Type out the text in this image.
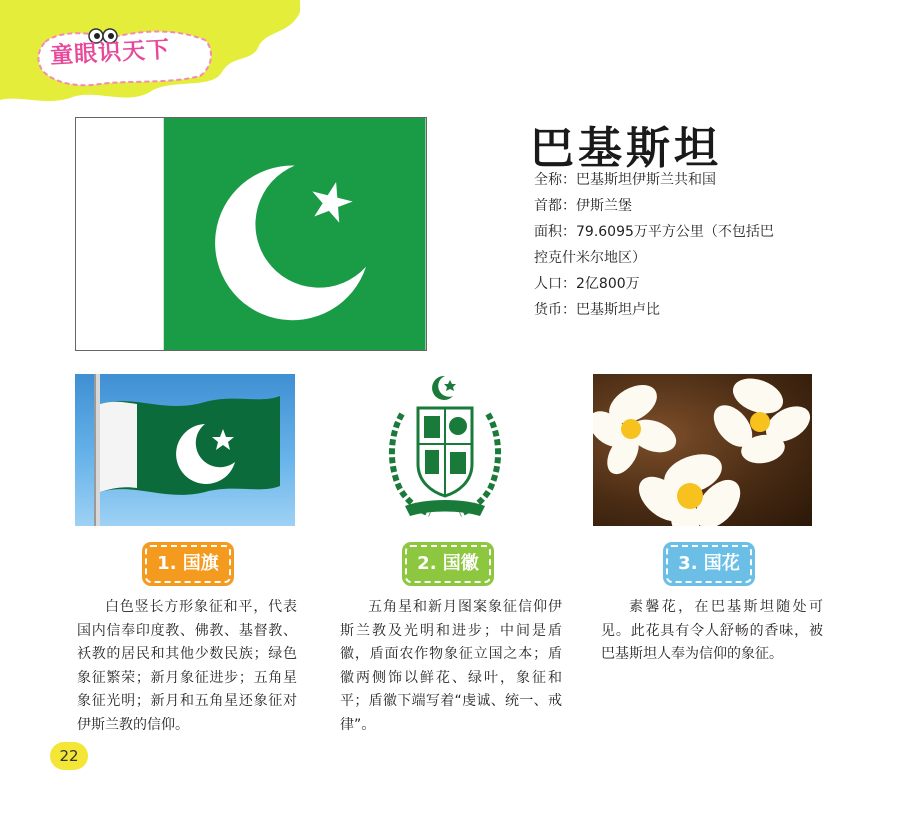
童眼识天下
巴基斯坦
全称：巴基斯坦伊斯兰共和国
首都：伊斯兰堡
面积：79.6095万平方公里（不包括巴
控克什米尔地区）
人口：2亿800万
货币：巴基斯坦卢比
1. 国旗	2. 国徽	3. 国花

白色竖长方形象征和平，代表国内信奉印度教、佛教、基督教、袄教的居民和其他少数民族；绿色象征繁荣；新月象征进步；五角星象征光明；新月和五角星还象征对伊斯兰教的信仰。

五角星和新月图案象征信仰伊斯兰教及光明和进步；中间是盾徽，盾面农作物象征立国之本；盾徽两侧饰以鲜花、绿叶，象征和平；盾徽下端写着“虔诚、统一、戒律”。

素馨花，在巴基斯坦随处可见。此花具有令人舒畅的香味，被巴基斯坦人奉为信仰的象征。

22
